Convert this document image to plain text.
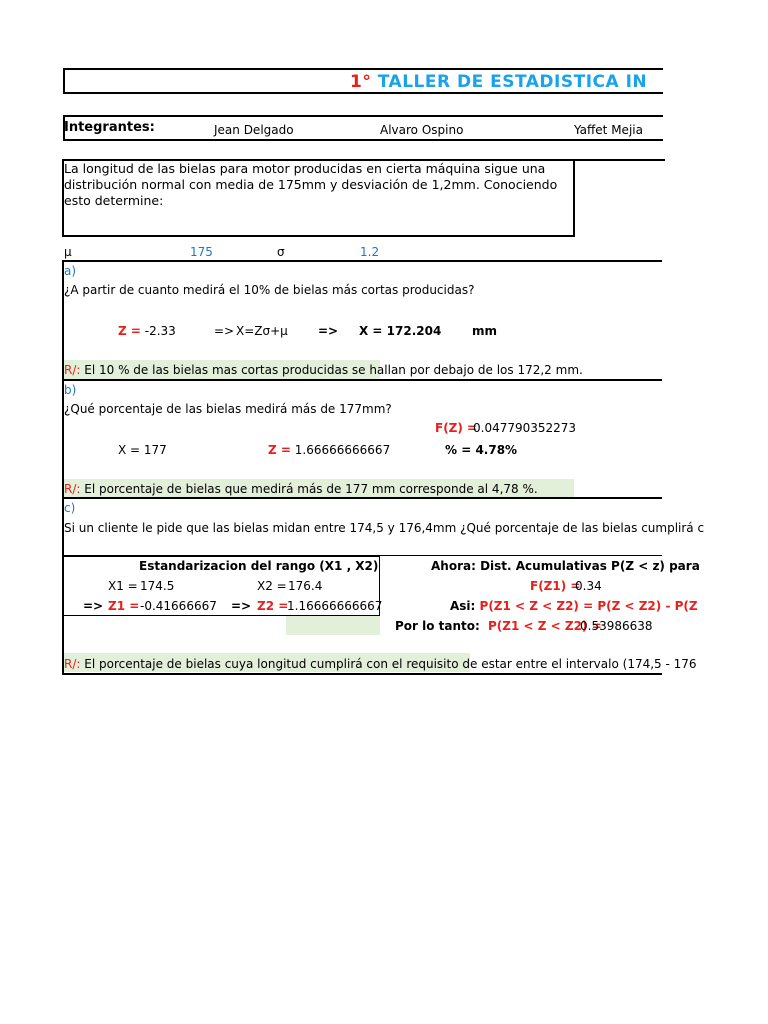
1° TALLER DE ESTADISTICA IN
Integrantes:	Jean Delgado	Alvaro Ospino	Yaffet Mejia
La longitud de las bielas para motor producidas en cierta máquina sigue una distribución normal con media de 175mm y desviación de 1,2mm. Conociendo esto determine:
μ	175	σ	1.2
a)
¿A partir de cuanto medirá el 10% de bielas más cortas producidas?
Z = -2.33	=> X=Zσ+μ	=> X = 172.204	mm
R/: El 10 % de las bielas mas cortas producidas se hallan por debajo de los 172,2 mm.
b)
¿Qué porcentaje de las bielas medirá más de 177mm?
F(Z) =
0.047790352273
X = 177	Z = 1.66666666667	% = 4.78%
R/: El porcentaje de bielas que medirá más de 177 mm corresponde al 4,78 %.
c)
Si un cliente le pide que las bielas midan entre 174,5 y 176,4mm ¿Qué porcentaje de las bielas cumplirá c
Estandarizacion del rango (X1 , X2)
X1 = 174.5	X2 = 176.4
=> Z1 = -0.41666667 => Z2 =
1.16666666667
Ahora: Dist. Acumulativas P(Z < z) para
F(Z1) =
0.34
Asi: P(Z1 < Z < Z2) = P(Z < Z2) - P(Z
Por lo tanto: P(Z1 < Z < Z2) =
0.53986638
R/: El porcentaje de bielas cuya longitud cumplirá con el requisito de estar entre el intervalo (174,5 - 176
